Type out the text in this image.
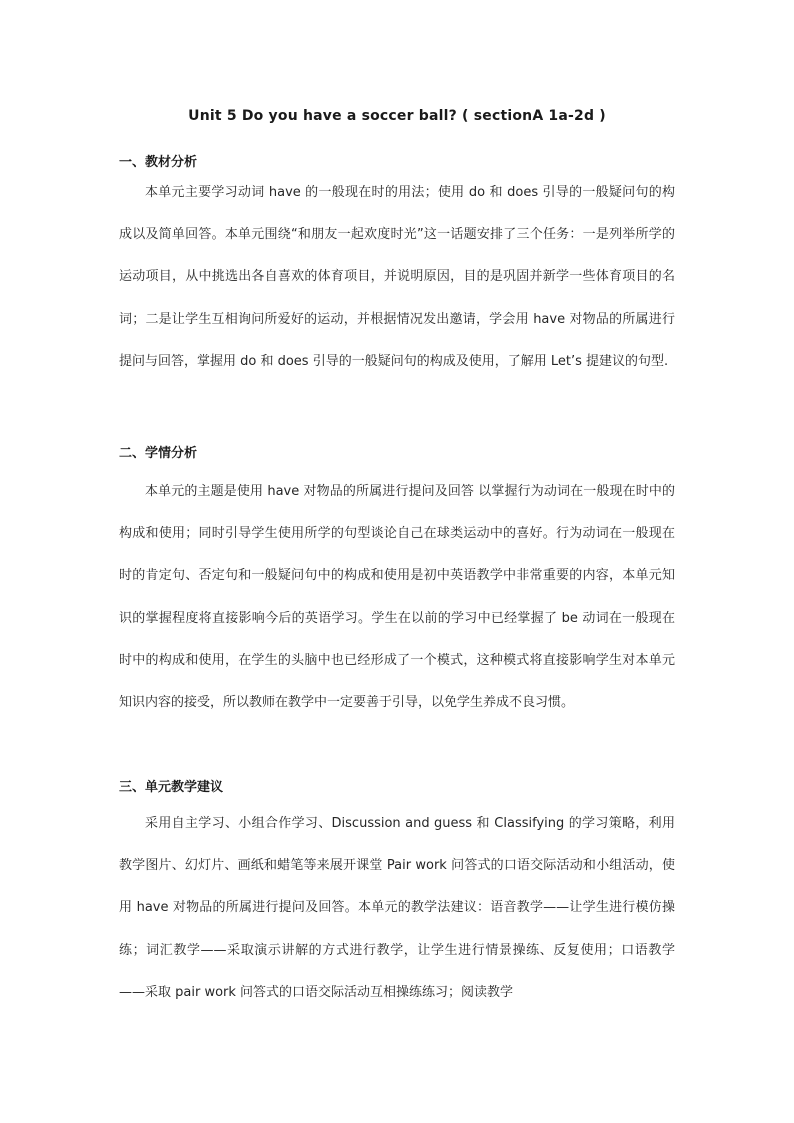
Unit 5 Do you have a soccer ball? ( sectionA 1a-2d )
一、教材分析

本单元主要学习动词 have 的一般现在时的用法；使用 do 和 does 引导的一般疑问句的构成以及简单回答。本单元围绕“和朋友一起欢度时光”这一话题安排了三个任务：一是列举所学的运动项目，从中挑选出各自喜欢的体育项目，并说明原因，目的是巩固并新学一些体育项目的名词；二是让学生互相询问所爱好的运动，并根据情况发出邀请，学会用 have 对物品的所属进行提问与回答，掌握用 do 和 does 引导的一般疑问句的构成及使用，了解用 Let’s 提建议的句型.

二、学情分析

本单元的主题是使用 have 对物品的所属进行提问及回答 以掌握行为动词在一般现在时中的构成和使用；同时引导学生使用所学的句型谈论自己在球类运动中的喜好。行为动词在一般现在时的肯定句、否定句和一般疑问句中的构成和使用是初中英语教学中非常重要的内容，本单元知识的掌握程度将直接影响今后的英语学习。学生在以前的学习中已经掌握了 be 动词在一般现在时中的构成和使用，在学生的头脑中也已经形成了一个模式，这种模式将直接影响学生对本单元知识内容的接受，所以教师在教学中一定要善于引导，以免学生养成不良习惯。

三、单元教学建议

采用自主学习、小组合作学习、Discussion and guess 和 Classifying 的学习策略，利用教学图片、幻灯片、画纸和蜡笔等来展开课堂 Pair work 问答式的口语交际活动和小组活动，使用 have 对物品的所属进行提问及回答。本单元的教学法建议：语音教学——让学生进行模仿操练；词汇教学——采取演示讲解的方式进行教学，让学生进行情景操练、反复使用；口语教学——采取 pair work 问答式的口语交际活动互相操练练习；阅读教学
